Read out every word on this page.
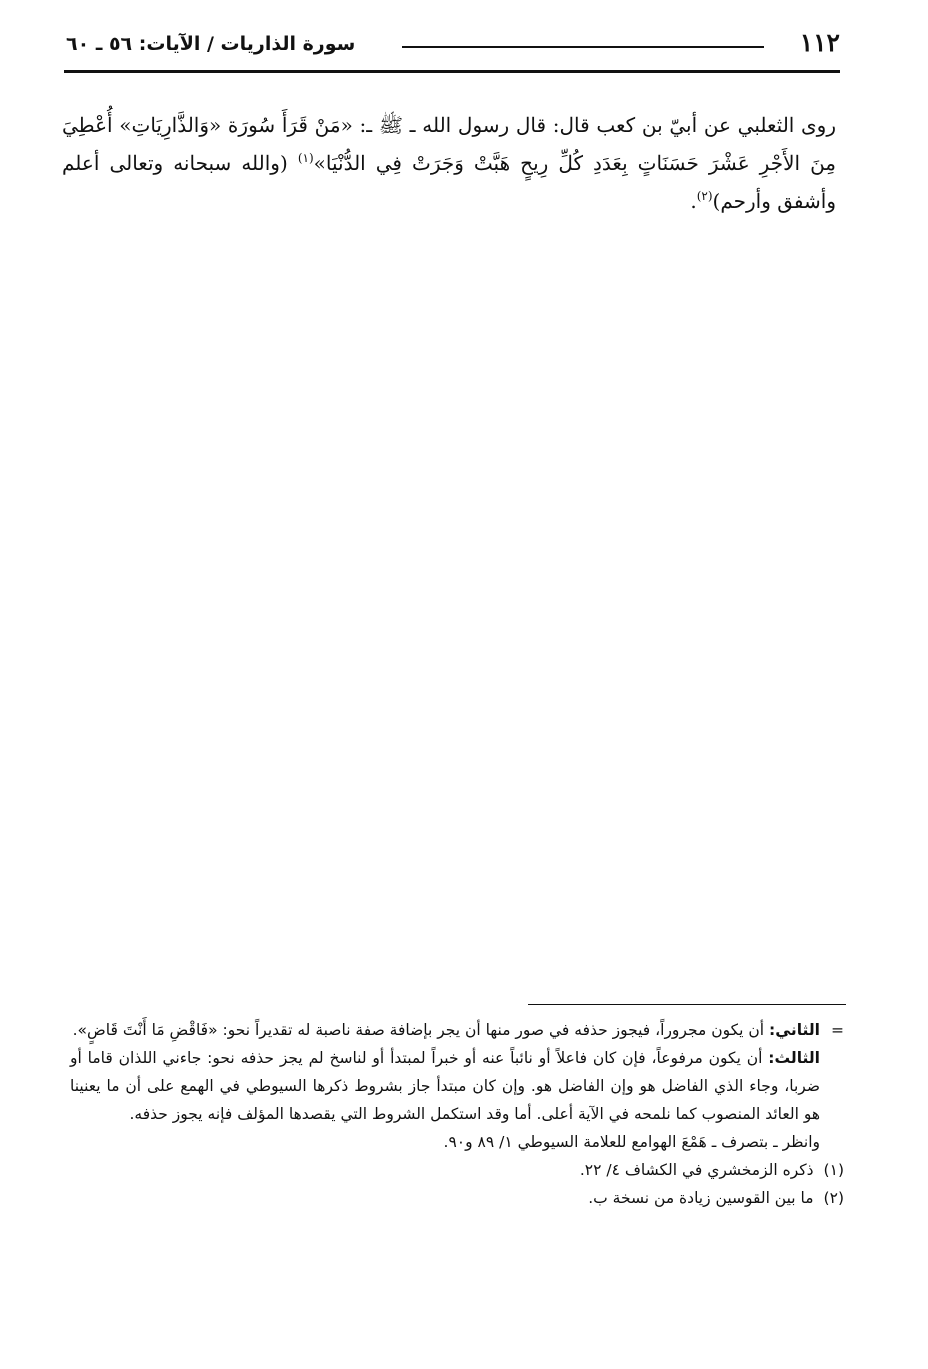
١١٢
سورة الذاريات / الآيات: ٥٦ ـ ٦٠

روى الثعلبي عن أبيّ بن كعب قال: قال رسول الله ـ ﷺ ـ: «مَنْ قَرَأَ سُورَة «وَالذَّارِيَاتِ» أُعْطِيَ مِنَ الأَجْرِ عَشْرَ حَسَنَاتٍ بِعَدَدِ كُلِّ رِيحٍ هَبَّتْ وَجَرَتْ فِي الدُّنْيَا»$^{(١)}$ (والله سبحانه وتعالى أعلم وأشفق وأرحم)$^{(٢)}$.

=

الثاني: أن يكون مجروراً، فيجوز حذفه في صور منها أن يجر بإضافة صفة ناصبة له تقديراً نحو: «فَاقْضِ مَا أَنْتَ قَاضٍ».

الثالث: أن يكون مرفوعاً، فإن كان فاعلاً أو نائباً عنه أو خبراً لمبتدأ أو لناسخ لم يجز حذفه نحو: جاءني اللذان قاما أو ضربا، وجاء الذي الفاضل هو وإن الفاضل هو. وإن كان مبتدأ جاز بشروط ذكرها السيوطي في الهمع على أن ما يعنينا هو العائد المنصوب كما نلمحه في الآية أعلى. أما وقد استكمل الشروط التي يقصدها المؤلف فإنه يجوز حذفه.

وانظر ـ بتصرف ـ هَمْعَ الهوامع للعلامة السيوطي ١/ ٨٩ و٩٠.

(١)ذكره الزمخشري في الكشاف ٤/ ٢٢.

(٢)ما بين القوسين زيادة من نسخة ب.
